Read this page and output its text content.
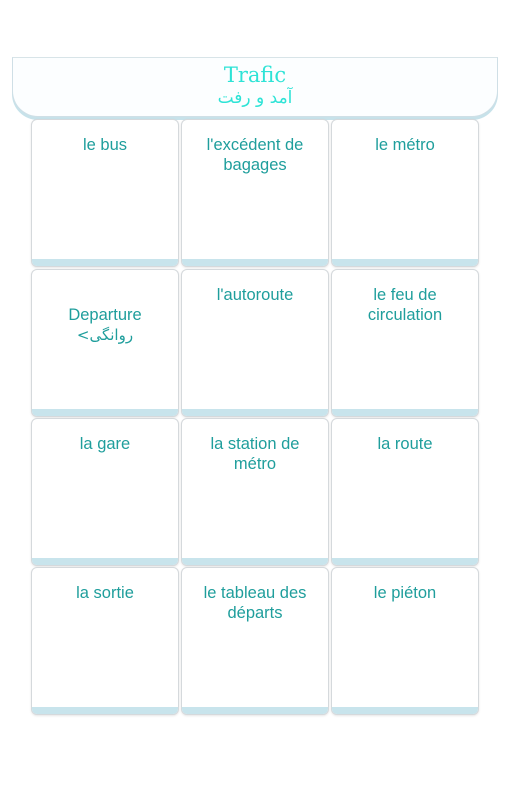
Trafic
آمد و رفت
le bus	l'excédent de bagages
le métro
Departure
<روانگی
l'autoroute	le feu de circulation
la gare	la station de métro
la route
la sortie	le tableau des départs
le piéton
